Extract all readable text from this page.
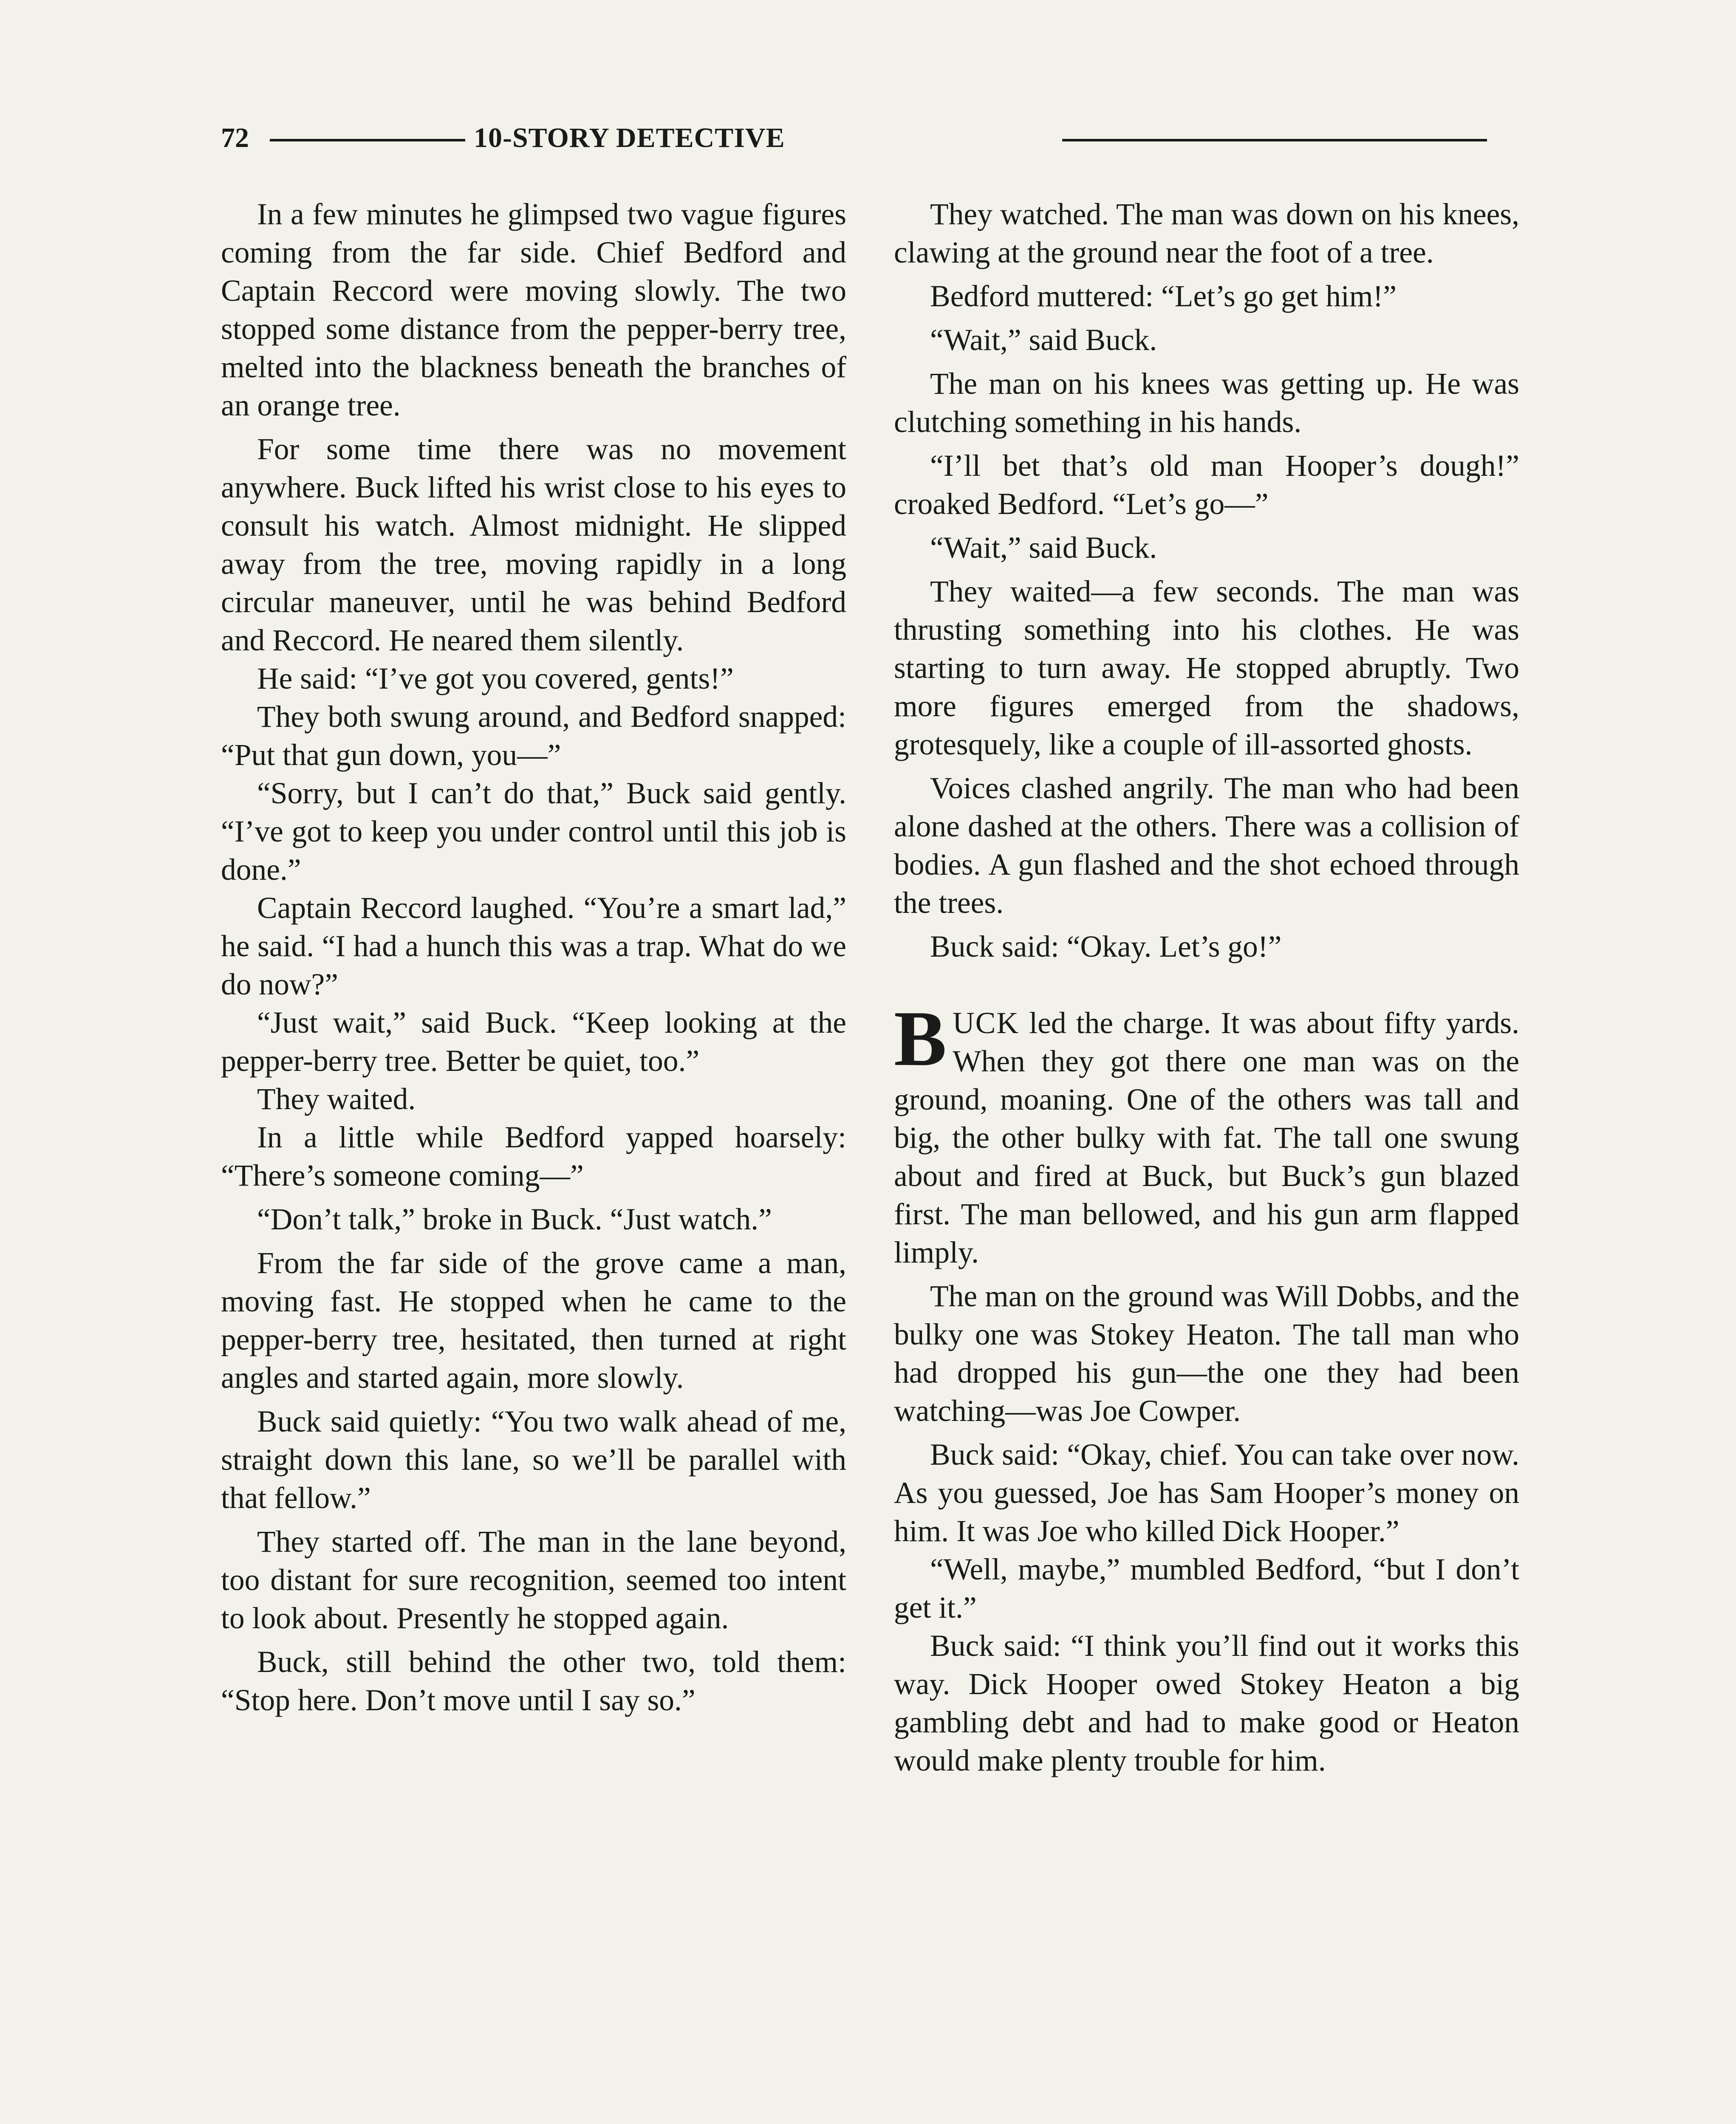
72	10-STORY DETECTIVE

In a few minutes he glimpsed two vague figures coming from the far side. Chief Bedford and Captain Reccord were moving slowly. The two stopped some distance from the pepper-berry tree, melted into the blackness beneath the branches of an orange tree.

For some time there was no movement anywhere. Buck lifted his wrist close to his eyes to consult his watch. Almost midnight. He slipped away from the tree, moving rapidly in a long circular maneuver, until he was behind Bedford and Reccord. He neared them silently.

He said: “I’ve got you covered, gents!”

They both swung around, and Bedford snapped: “Put that gun down, you—”

“Sorry, but I can’t do that,” Buck said gently. “I’ve got to keep you under control until this job is done.”

Captain Reccord laughed. “You’re a smart lad,” he said. “I had a hunch this was a trap. What do we do now?”

“Just wait,” said Buck. “Keep looking at the pepper-berry tree. Better be quiet, too.”

They waited.

In a little while Bedford yapped hoarsely: “There’s someone coming—”

“Don’t talk,” broke in Buck. “Just watch.”

From the far side of the grove came a man, moving fast. He stopped when he came to the pepper-berry tree, hesitated, then turned at right angles and started again, more slowly.

Buck said quietly: “You two walk ahead of me, straight down this lane, so we’ll be parallel with that fellow.”

They started off. The man in the lane beyond, too distant for sure recognition, seemed too intent to look about. Presently he stopped again.

Buck, still behind the other two, told them: “Stop here. Don’t move until I say so.”

They watched. The man was down on his knees, clawing at the ground near the foot of a tree.

Bedford muttered: “Let’s go get him!”

“Wait,” said Buck.

The man on his knees was getting up. He was clutching something in his hands.

“I’ll bet that’s old man Hooper’s dough!” croaked Bedford. “Let’s go—”

“Wait,” said Buck.

They waited—a few seconds. The man was thrusting something into his clothes. He was starting to turn away. He stopped abruptly. Two more figures emerged from the shadows, grotesquely, like a couple of ill-assorted ghosts.

Voices clashed angrily. The man who had been alone dashed at the others. There was a collision of bodies. A gun flashed and the shot echoed through the trees.

Buck said: “Okay. Let’s go!”

BUCK led the charge. It was about fifty yards. When they got there one man was on the ground, moaning. One of the others was tall and big, the other bulky with fat. The tall one swung about and fired at Buck, but Buck’s gun blazed first. The man bellowed, and his gun arm flapped limply.

The man on the ground was Will Dobbs, and the bulky one was Stokey Heaton. The tall man who had dropped his gun—the one they had been watching—was Joe Cowper.

Buck said: “Okay, chief. You can take over now. As you guessed, Joe has Sam Hooper’s money on him. It was Joe who killed Dick Hooper.”

“Well, maybe,” mumbled Bedford, “but I don’t get it.”

Buck said: “I think you’ll find out it works this way. Dick Hooper owed Stokey Heaton a big gambling debt and had to make good or Heaton would make plenty trouble for him.
